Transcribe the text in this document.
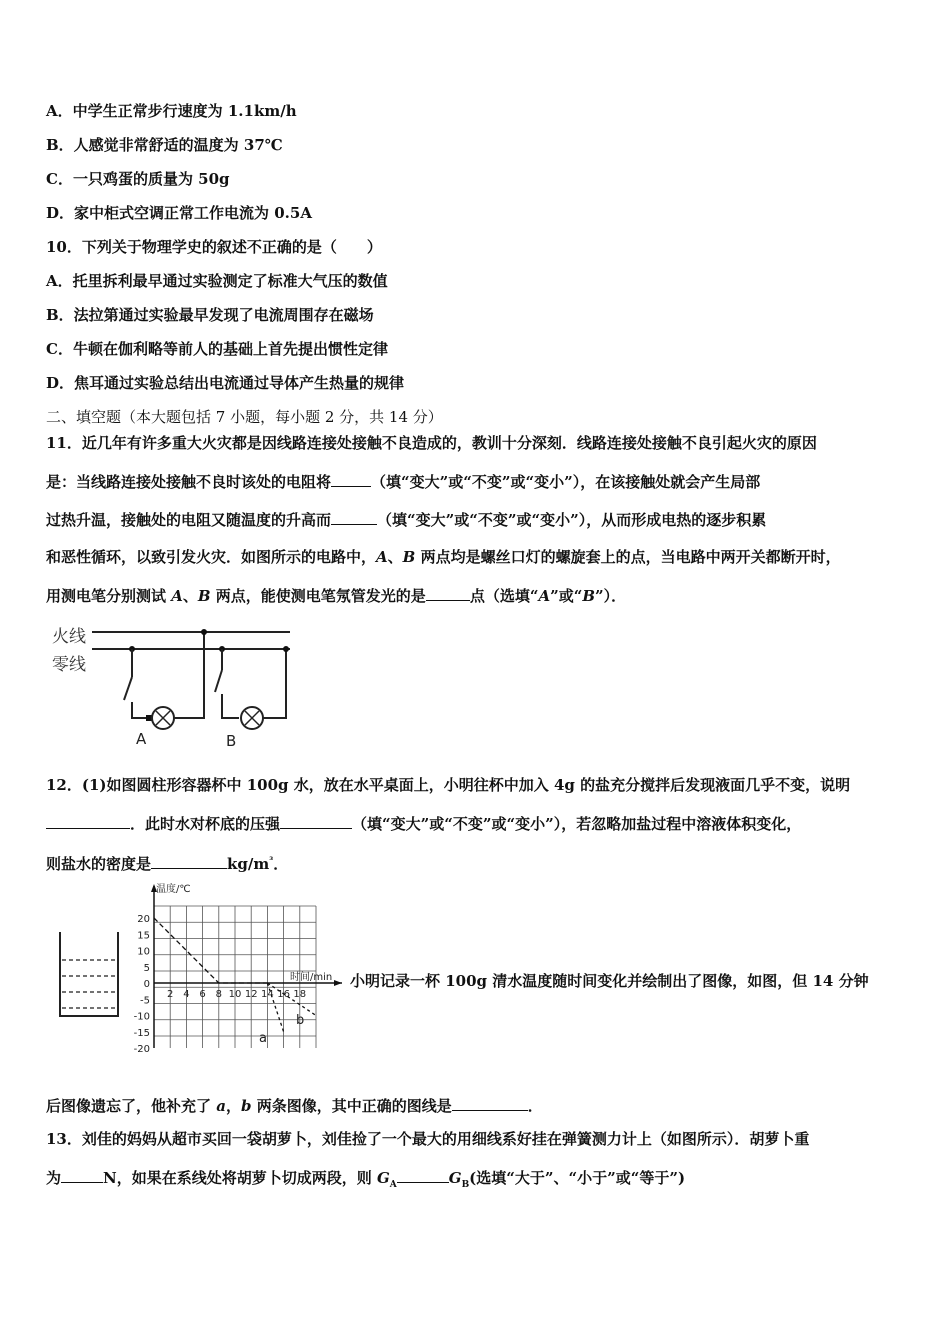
A．中学生正常步行速度为 1.1km/h
B．人感觉非常舒适的温度为 37℃
C．一只鸡蛋的质量为 50g
D．家中柜式空调正常工作电流为 0.5A
10．下列关于物理学史的叙述不正确的是（　　）
A．托里拆利最早通过实验测定了标准大气压的数值
B．法拉第通过实验最早发现了电流周围存在磁场
C．牛顿在伽利略等前人的基础上首先提出惯性定律
D．焦耳通过实验总结出电流通过导体产生热量的规律
二、填空题（本大题包括 7 小题，每小题 2 分，共 14 分）
11．近几年有许多重大火灾都是因线路连接处接触不良造成的，教训十分深刻．线路连接处接触不良引起火灾的原因
是：当线路连接处接触不良时该处的电阻将	（填“变大”或“不变”或“变小”），在该接触处就会产生局部
过热升温，接触处的电阻又随温度的升高而	（填“变大”或“不变”或“变小”），从而形成电热的逐步积累
和恶性循环，以致引发火灾．如图所示的电路中，A、B 两点均是螺丝口灯的螺旋套上的点，当电路中两开关都断开时，
用测电笔分别测试 A、B 两点，能使测电笔氖管发光的是	点（选填“A”或“B”）．
火线
零线
A	B
12．(1)如图圆柱形容器杯中 100g 水，放在水平桌面上，小明往杯中加入 4g 的盐充分搅拌后发现液面几乎不变，说明
．此时水对杯底的压强	（填“变大”或“不变”或“变小”），若忽略加盐过程中溶液体积变化，
则盐水的密度是	$kg/m^{^3}$．
温度/℃
20
15
10
5
0
-5
-10
-15
-20
2 4 6 8 10 12 14 16 18
时间/min
a
b
小明记录一杯 100g 清水温度随时间变化并绘制出了图像，如图，但 14 分钟
后图像遗忘了，他补充了 a，b 两条图像，其中正确的图线是	．
13．刘佳的妈妈从超市买回一袋胡萝卜，刘佳捡了一个最大的用细线系好挂在弹簧测力计上（如图所示）．胡萝卜重
为	N，如果在系线处将胡萝卜切成两段，则 $G_A$	$G_B$(选填“大于”、“小于”或“等于”)
